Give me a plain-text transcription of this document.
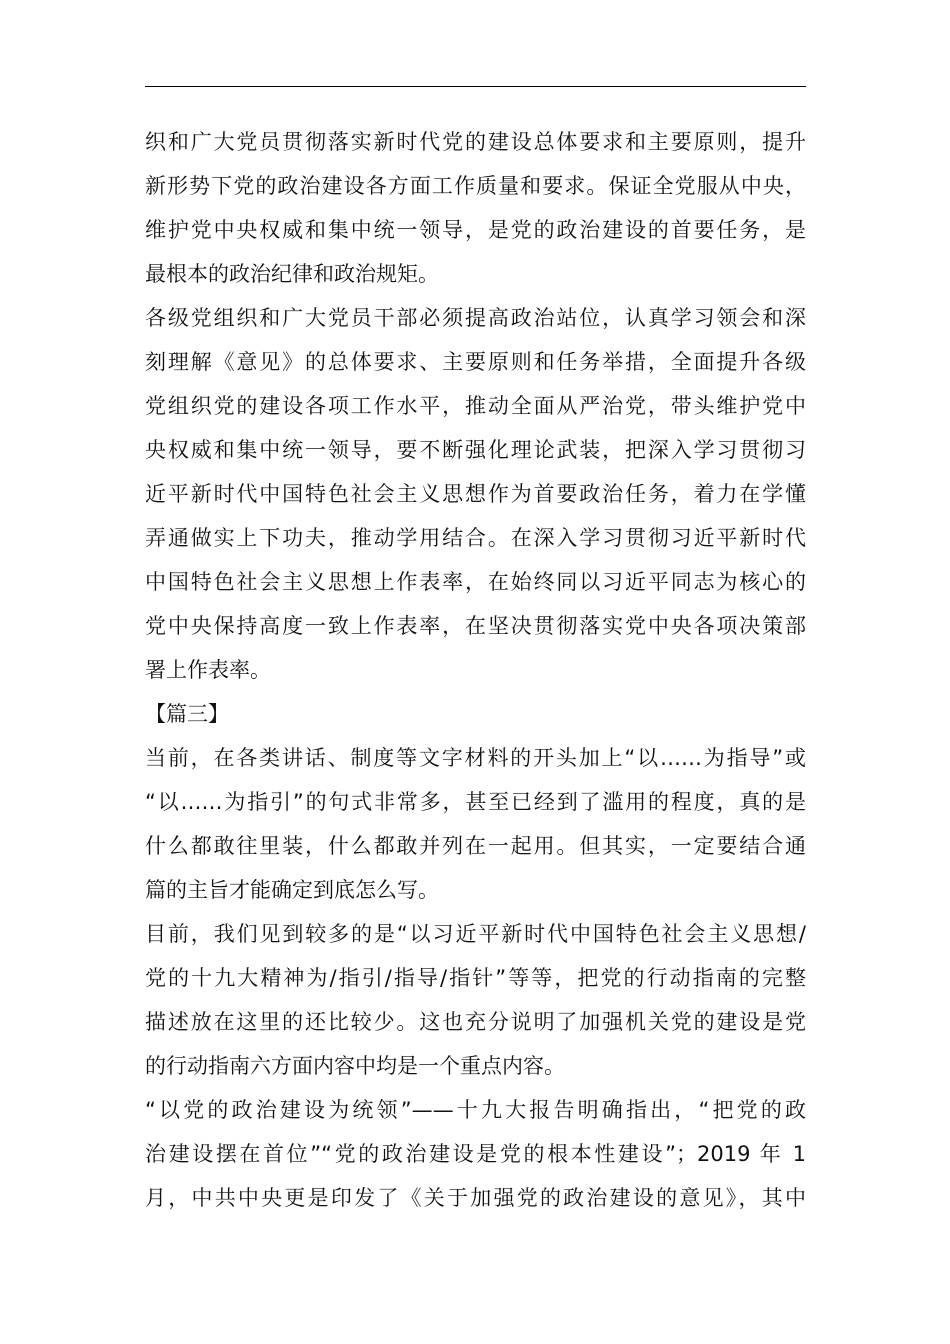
织和广大党员贯彻落实新时代党的建设总体要求和主要原则，提升
新形势下党的政治建设各方面工作质量和要求。保证全党服从中央，
维护党中央权威和集中统一领导，是党的政治建设的首要任务，是
最根本的政治纪律和政治规矩。
各级党组织和广大党员干部必须提高政治站位，认真学习领会和深
刻理解《意见》的总体要求、主要原则和任务举措，全面提升各级
党组织党的建设各项工作水平，推动全面从严治党，带头维护党中
央权威和集中统一领导，要不断强化理论武装，把深入学习贯彻习
近平新时代中国特色社会主义思想作为首要政治任务，着力在学懂
弄通做实上下功夫，推动学用结合。在深入学习贯彻习近平新时代
中国特色社会主义思想上作表率，在始终同以习近平同志为核心的
党中央保持高度一致上作表率，在坚决贯彻落实党中央各项决策部
署上作表率。
【篇三】
当前，在各类讲话、制度等文字材料的开头加上“以……为指导”或
“以……为指引”的句式非常多，甚至已经到了滥用的程度，真的是
什么都敢往里装，什么都敢并列在一起用。但其实，一定要结合通
篇的主旨才能确定到底怎么写。
目前，我们见到较多的是“以习近平新时代中国特色社会主义思想/
党的十九大精神为/指引/指导/指针”等等，把党的行动指南的完整
描述放在这里的还比较少。这也充分说明了加强机关党的建设是党
的行动指南六方面内容中均是一个重点内容。
“以党的政治建设为统领”——十九大报告明确指出，“把党的政
治建设摆在首位”“党的政治建设是党的根本性建设”；2019 年 1
月，中共中央更是印发了《关于加强党的政治建设的意见》，其中
